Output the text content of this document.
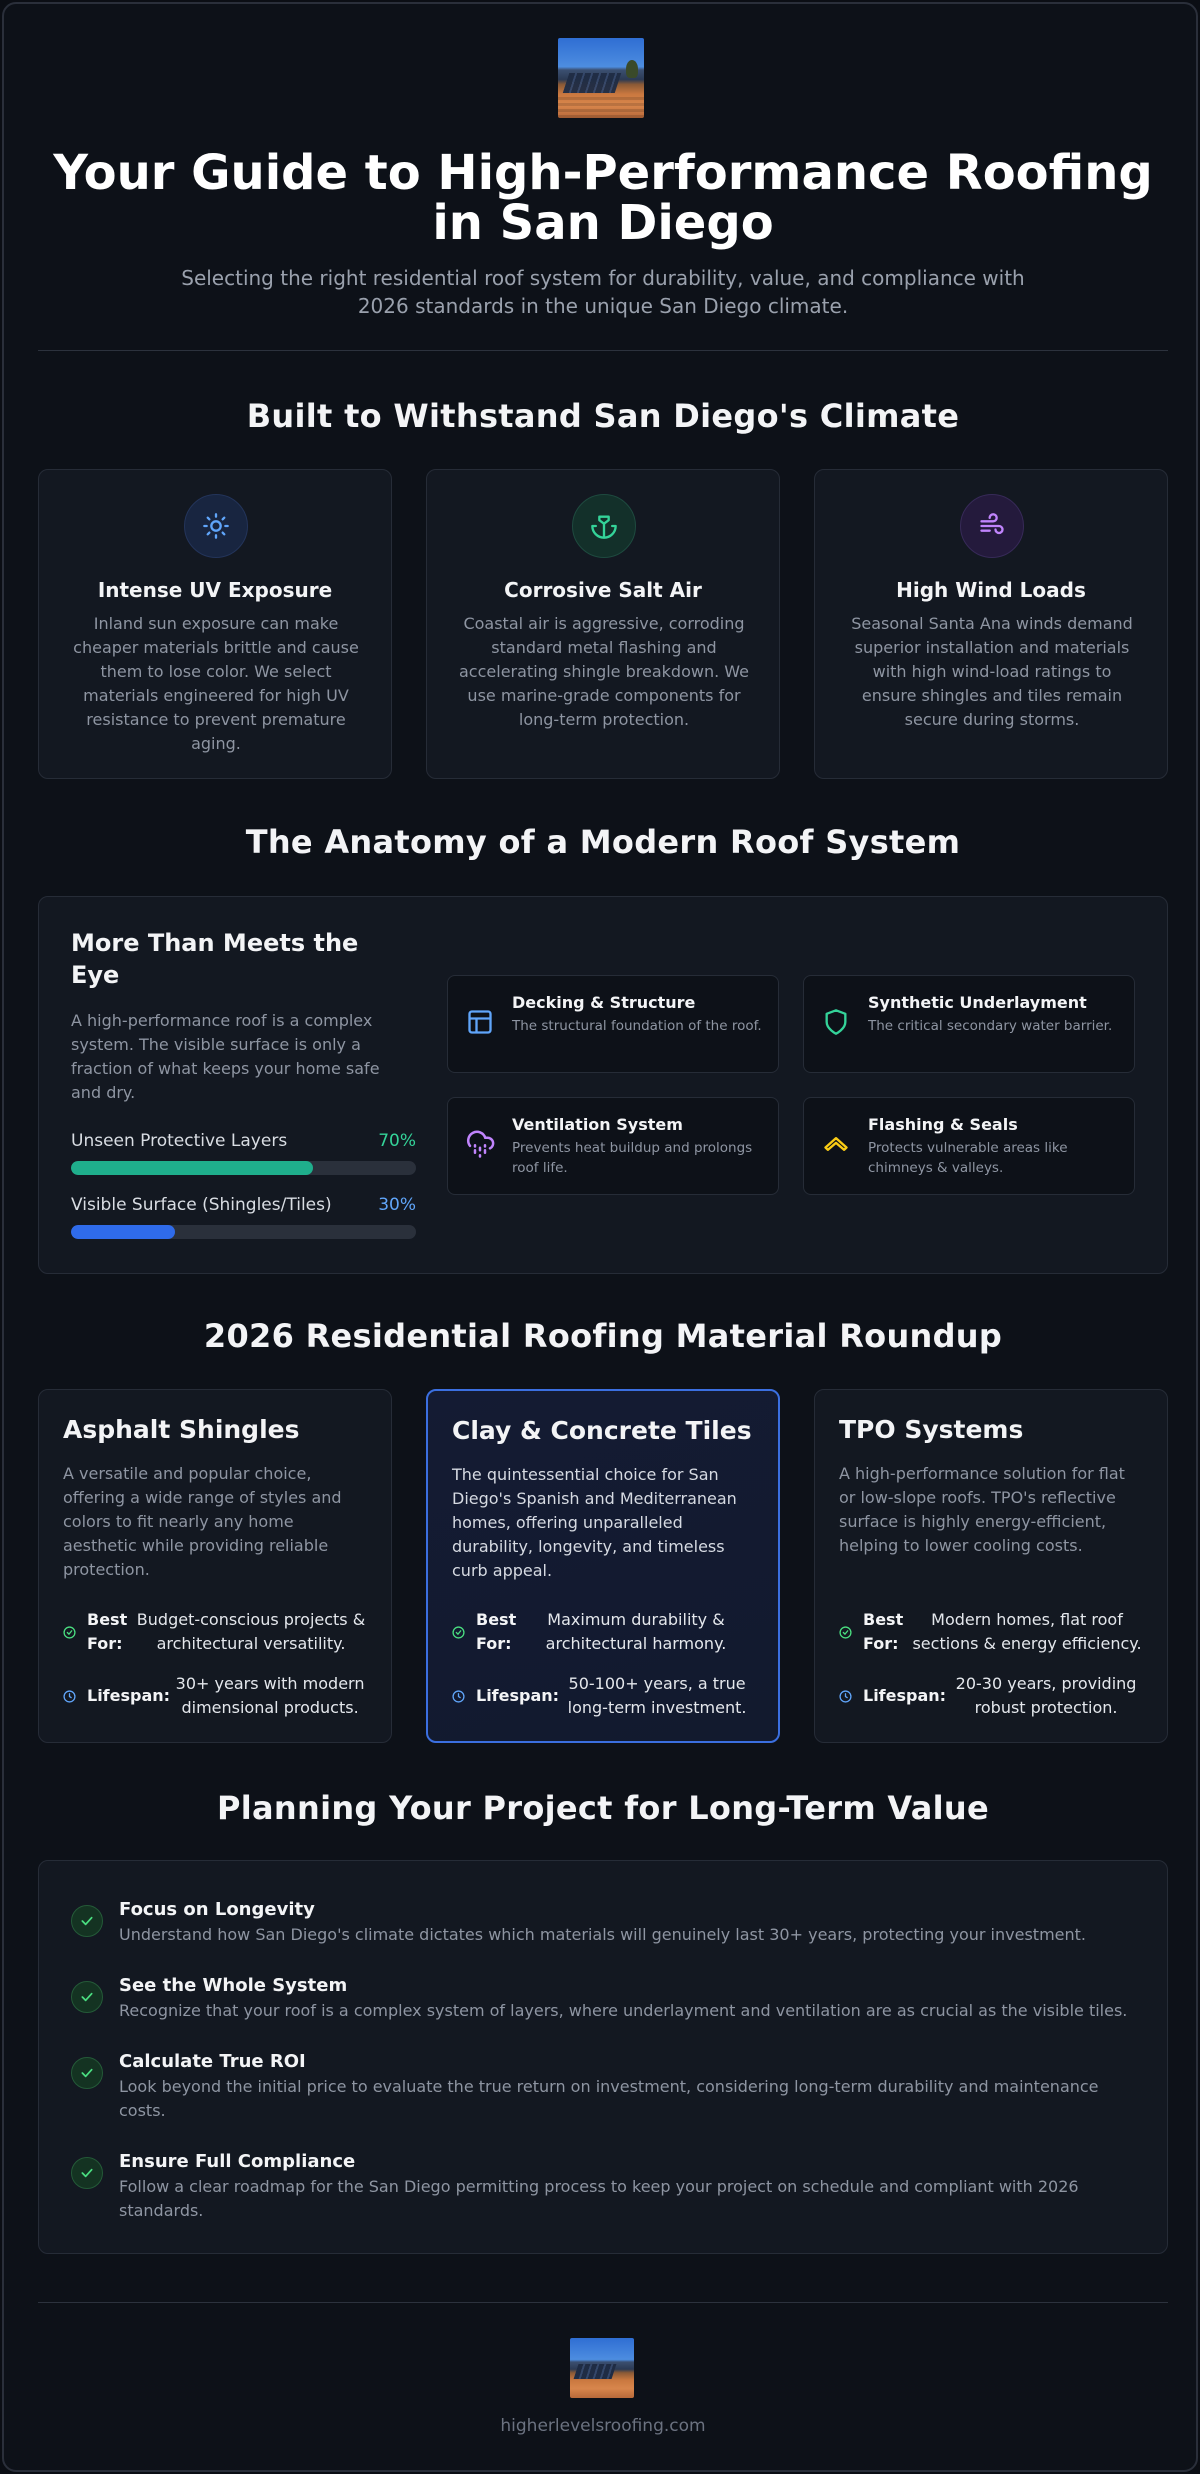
Your Guide to High-Performance Roofing in San Diego

Selecting the right residential roof system for durability, value, and compliance with 2026 standards in the unique San Diego climate.

Built to Withstand San Diego's Climate
Intense UV Exposure

Inland sun exposure can make cheaper materials brittle and cause them to lose color. We select materials engineered for high UV resistance to prevent premature aging.

Corrosive Salt Air

Coastal air is aggressive, corroding standard metal flashing and accelerating shingle breakdown. We use marine-grade components for long-term protection.

High Wind Loads

Seasonal Santa Ana winds demand superior installation and materials with high wind-load ratings to ensure shingles and tiles remain secure during storms.

The Anatomy of a Modern Roof System
More Than Meets the Eye

A high-performance roof is a complex system. The visible surface is only a fraction of what keeps your home safe and dry.

Unseen Protective Layers	70%
Visible Surface (Shingles/Tiles)	30%
Decking & Structure

The structural foundation of the roof.

Synthetic Underlayment

The critical secondary water barrier.

Ventilation System

Prevents heat buildup and prolongs roof life.

Flashing & Seals

Protects vulnerable areas like chimneys & valleys.

2026 Residential Roofing Material Roundup
Asphalt Shingles

A versatile and popular choice, offering a wide range of styles and colors to fit nearly any home aesthetic while providing reliable protection.

Best For:
Budget-conscious projects & architectural versatility.
Lifespan:
30+ years with modern dimensional products.
Clay & Concrete Tiles

The quintessential choice for San Diego's Spanish and Mediterranean homes, offering unparalleled durability, longevity, and timeless curb appeal.

Best For:
Maximum durability & architectural harmony.
Lifespan:
50-100+ years, a true long-term investment.
TPO Systems

A high-performance solution for flat or low-slope roofs. TPO's reflective surface is highly energy-efficient, helping to lower cooling costs.

Best For:
Modern homes, flat roof sections & energy efficiency.
Lifespan:
20-30 years, providing robust protection.
Planning Your Project for Long-Term Value
Focus on Longevity

Understand how San Diego's climate dictates which materials will genuinely last 30+ years, protecting your investment.

See the Whole System

Recognize that your roof is a complex system of layers, where underlayment and ventilation are as crucial as the visible tiles.

Calculate True ROI

Look beyond the initial price to evaluate the true return on investment, considering long-term durability and maintenance costs.

Ensure Full Compliance

Follow a clear roadmap for the San Diego permitting process to keep your project on schedule and compliant with 2026 standards.

higherlevelsroofing.com
